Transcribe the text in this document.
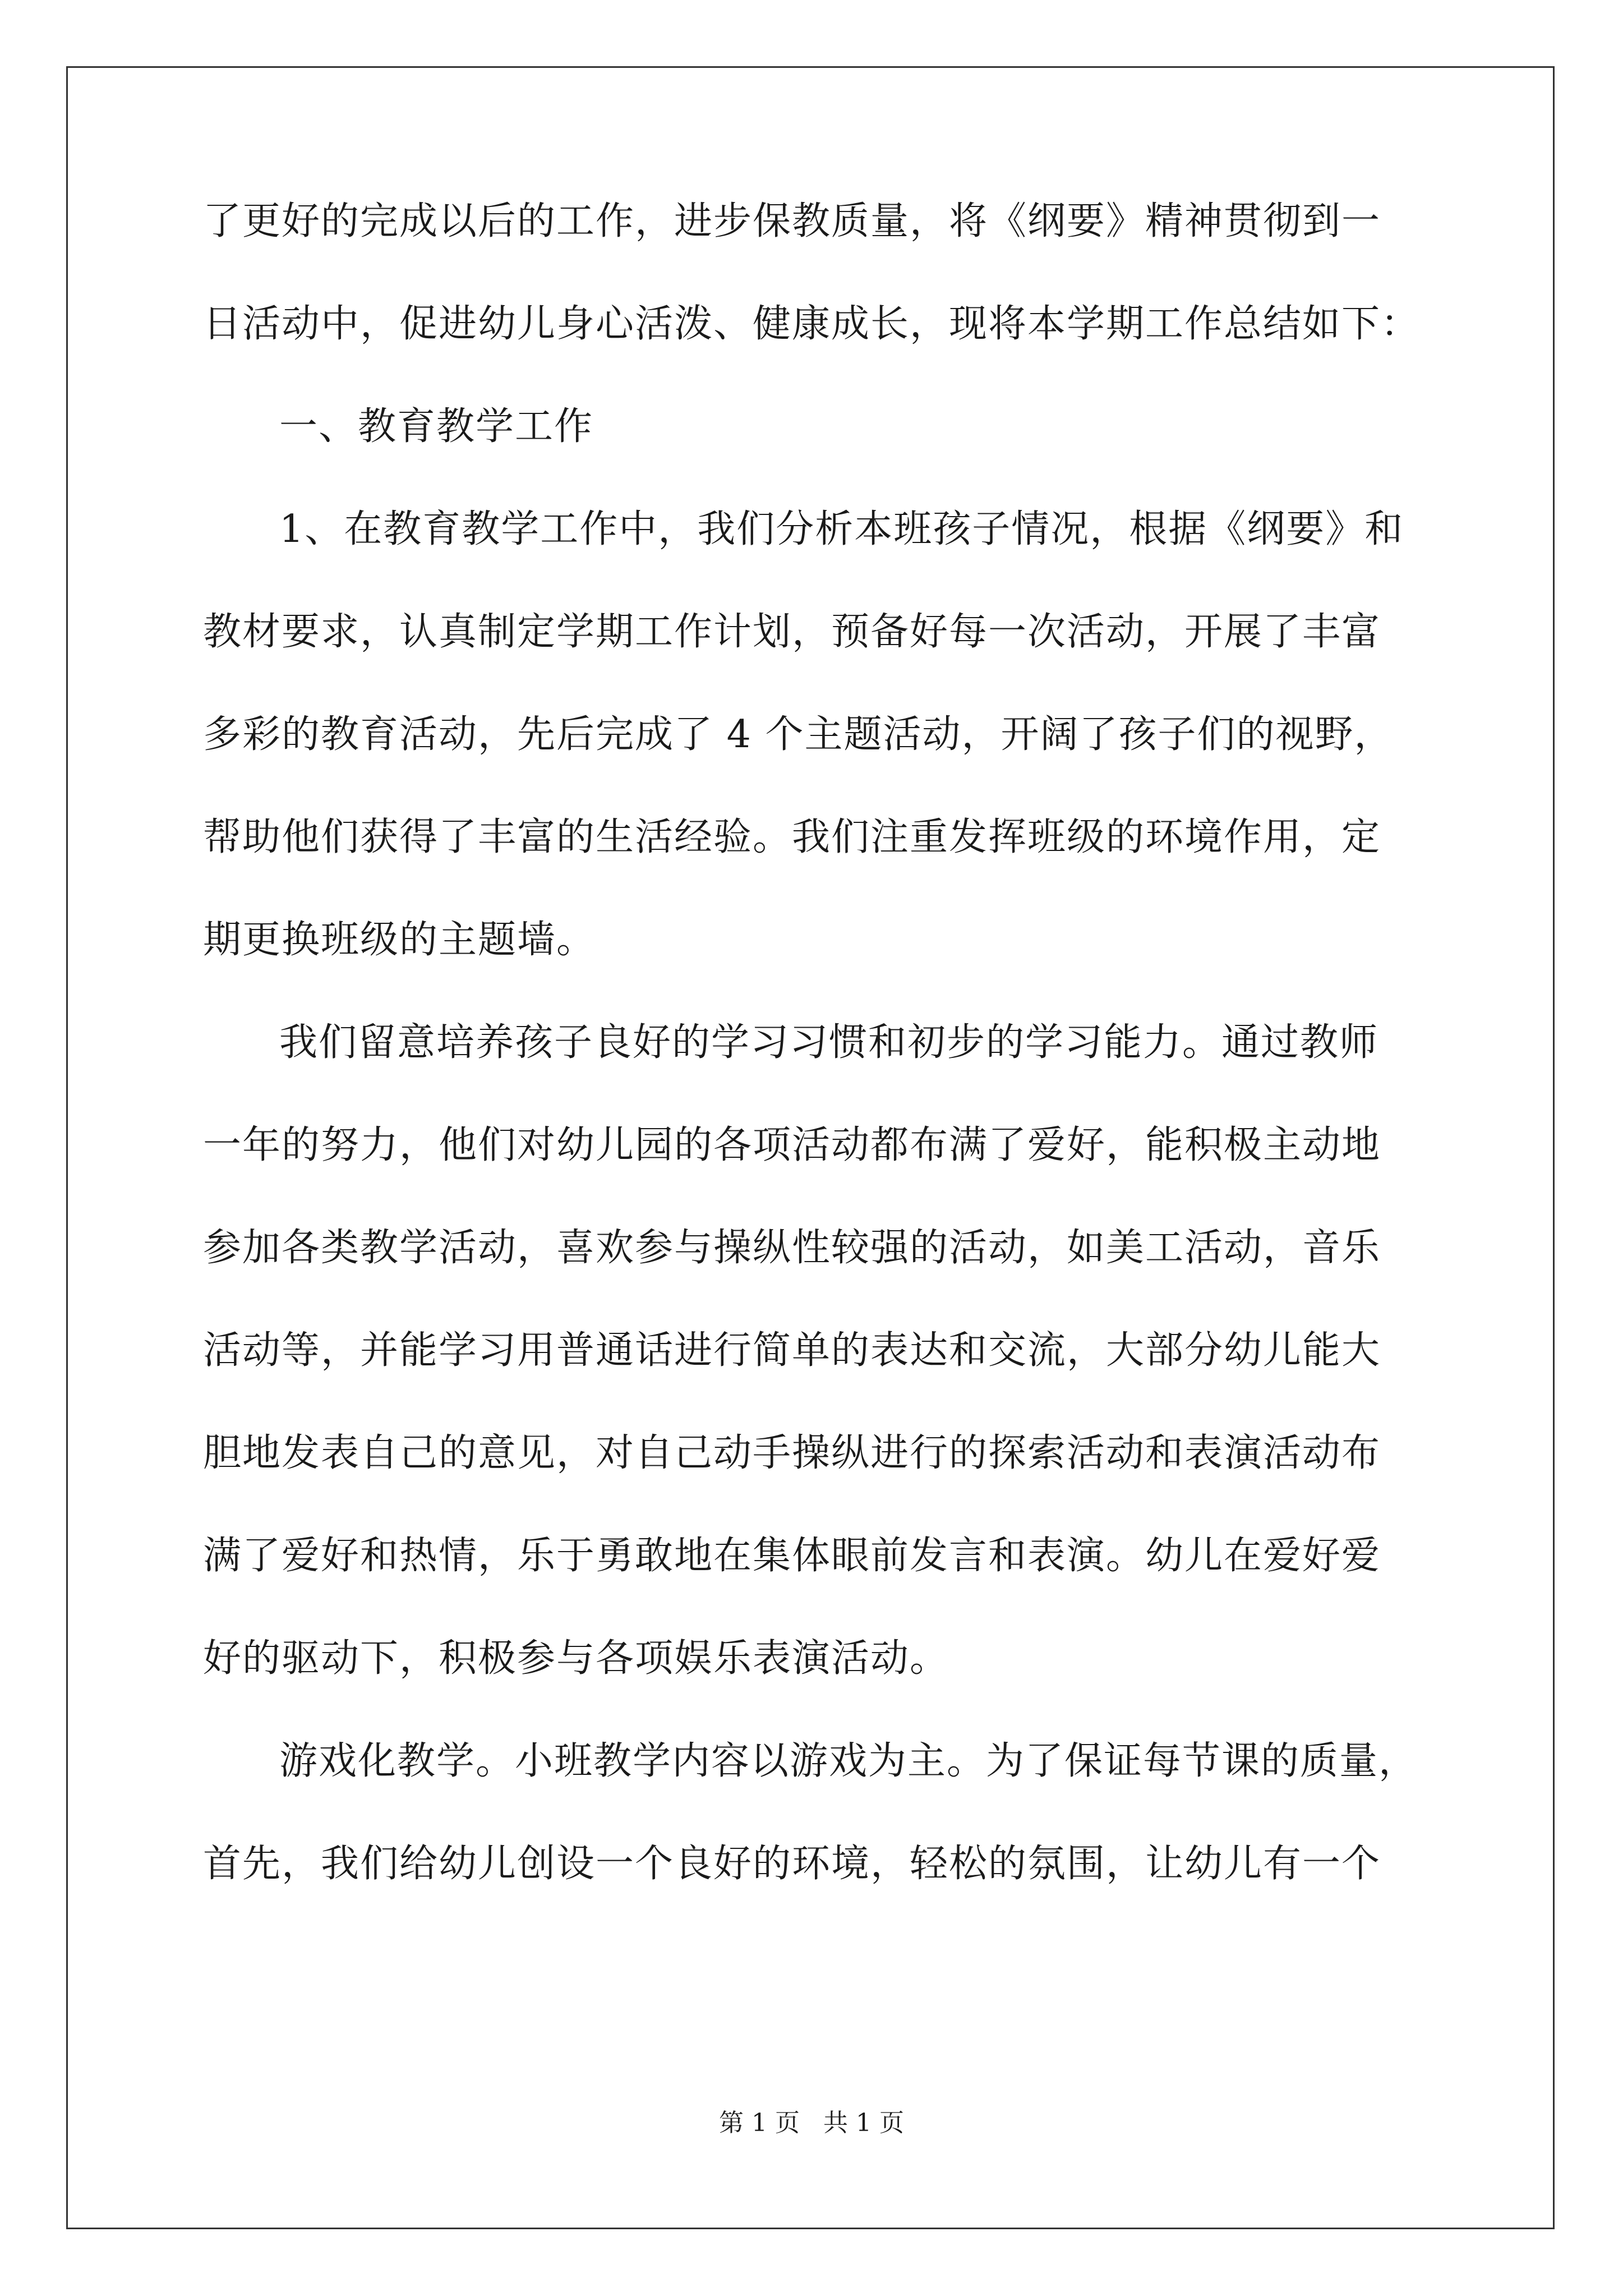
了更好的完成以后的工作，进步保教质量，将《纲要》精神贯彻到一
日活动中，促进幼儿身心活泼、健康成长，现将本学期工作总结如下：
一、教育教学工作
1、在教育教学工作中，我们分析本班孩子情况，根据《纲要》和
教材要求，认真制定学期工作计划，预备好每一次活动，开展了丰富
多彩的教育活动，先后完成了 4 个主题活动，开阔了孩子们的视野，
帮助他们获得了丰富的生活经验。我们注重发挥班级的环境作用，定
期更换班级的主题墙。
我们留意培养孩子良好的学习习惯和初步的学习能力。通过教师
一年的努力，他们对幼儿园的各项活动都布满了爱好，能积极主动地
参加各类教学活动，喜欢参与操纵性较强的活动，如美工活动，音乐
活动等，并能学习用普通话进行简单的表达和交流，大部分幼儿能大
胆地发表自己的意见，对自己动手操纵进行的探索活动和表演活动布
满了爱好和热情，乐于勇敢地在集体眼前发言和表演。幼儿在爱好爱
好的驱动下，积极参与各项娱乐表演活动。
游戏化教学。小班教学内容以游戏为主。为了保证每节课的质量，
首先，我们给幼儿创设一个良好的环境，轻松的氛围，让幼儿有一个
第 1 页   共 1 页
